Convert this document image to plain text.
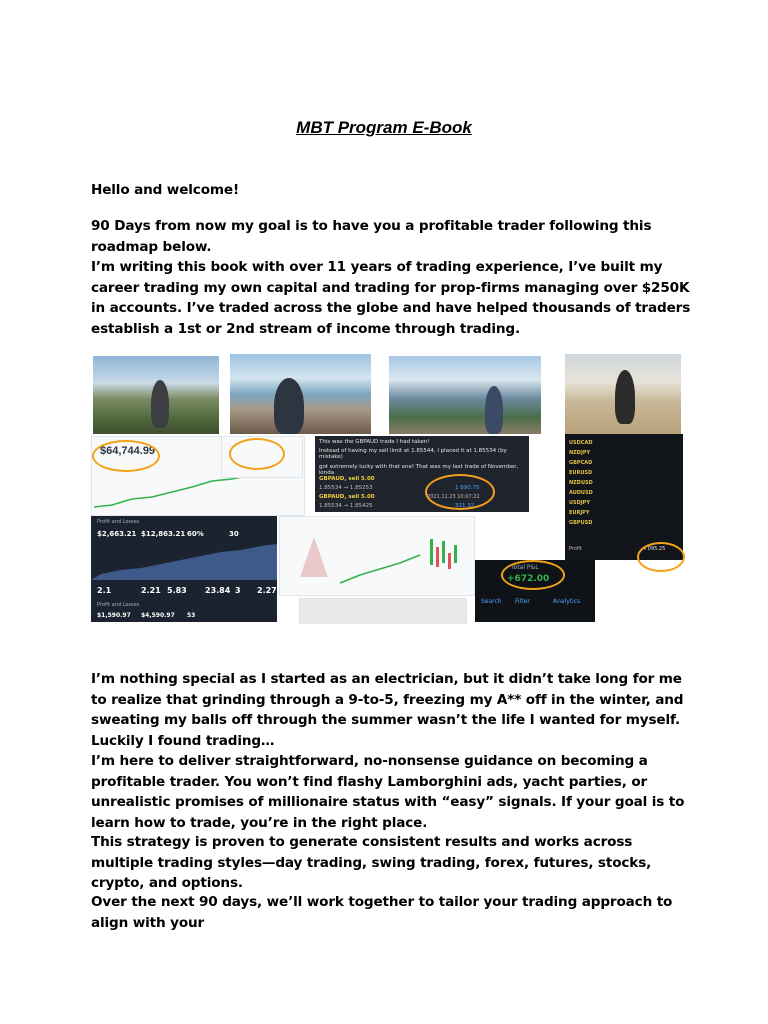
MBT Program E-Book
Hello and welcome!
90 Days from now my goal is to have you a profitable trader following this roadmap below.
I’m writing this book with over 11 years of trading experience, I’ve built my career trading my own capital and trading for prop-firms managing over $250K in accounts. I’ve traded across the globe and have helped thousands of traders establish a 1st or 2nd stream of income through trading.
$64,744.99
This was the GBPAUD trade I had taken!
Instead of having my sell limit at 1.85544, I placed it at 1.85534 (by mistake)
got extremely lucky with that one! That was my last trade of November, kinda
GBPAUD, sell 5.00
1.85534 → 1.85253	1 890.75
GBPAUD, sell 5.00
1.85534 → 1.85425
2021.11.23 10:07:22
321.32
USDCAD
NZDJPY
GBPCAD
EURUSD
NZDUSD
AUDUSD
USDJPY
EURJPY
GBPUSD
Profit	4 095.25
Profit and Losses
$2,663.21 $12,863.21 60%	30
2.1	2.21 5.83 23.84 3 2.27
Profit and Losses
$1,590.97 $4,590.97 53
Total P&L
+672.00
Search Filter	Analytics
I’m nothing special as I started as an electrician, but it didn’t take long for me to realize that grinding through a 9-to-5, freezing my A** off in the winter, and sweating my balls off through the summer wasn’t the life I wanted for myself. Luckily I found trading…
I’m here to deliver straightforward, no-nonsense guidance on becoming a profitable trader. You won’t find flashy Lamborghini ads, yacht parties, or unrealistic promises of millionaire status with “easy” signals. If your goal is to learn how to trade, you’re in the right place.
This strategy is proven to generate consistent results and works across multiple trading styles—day trading, swing trading, forex, futures, stocks, crypto, and options.
Over the next 90 days, we’ll work together to tailor your trading approach to align with your
